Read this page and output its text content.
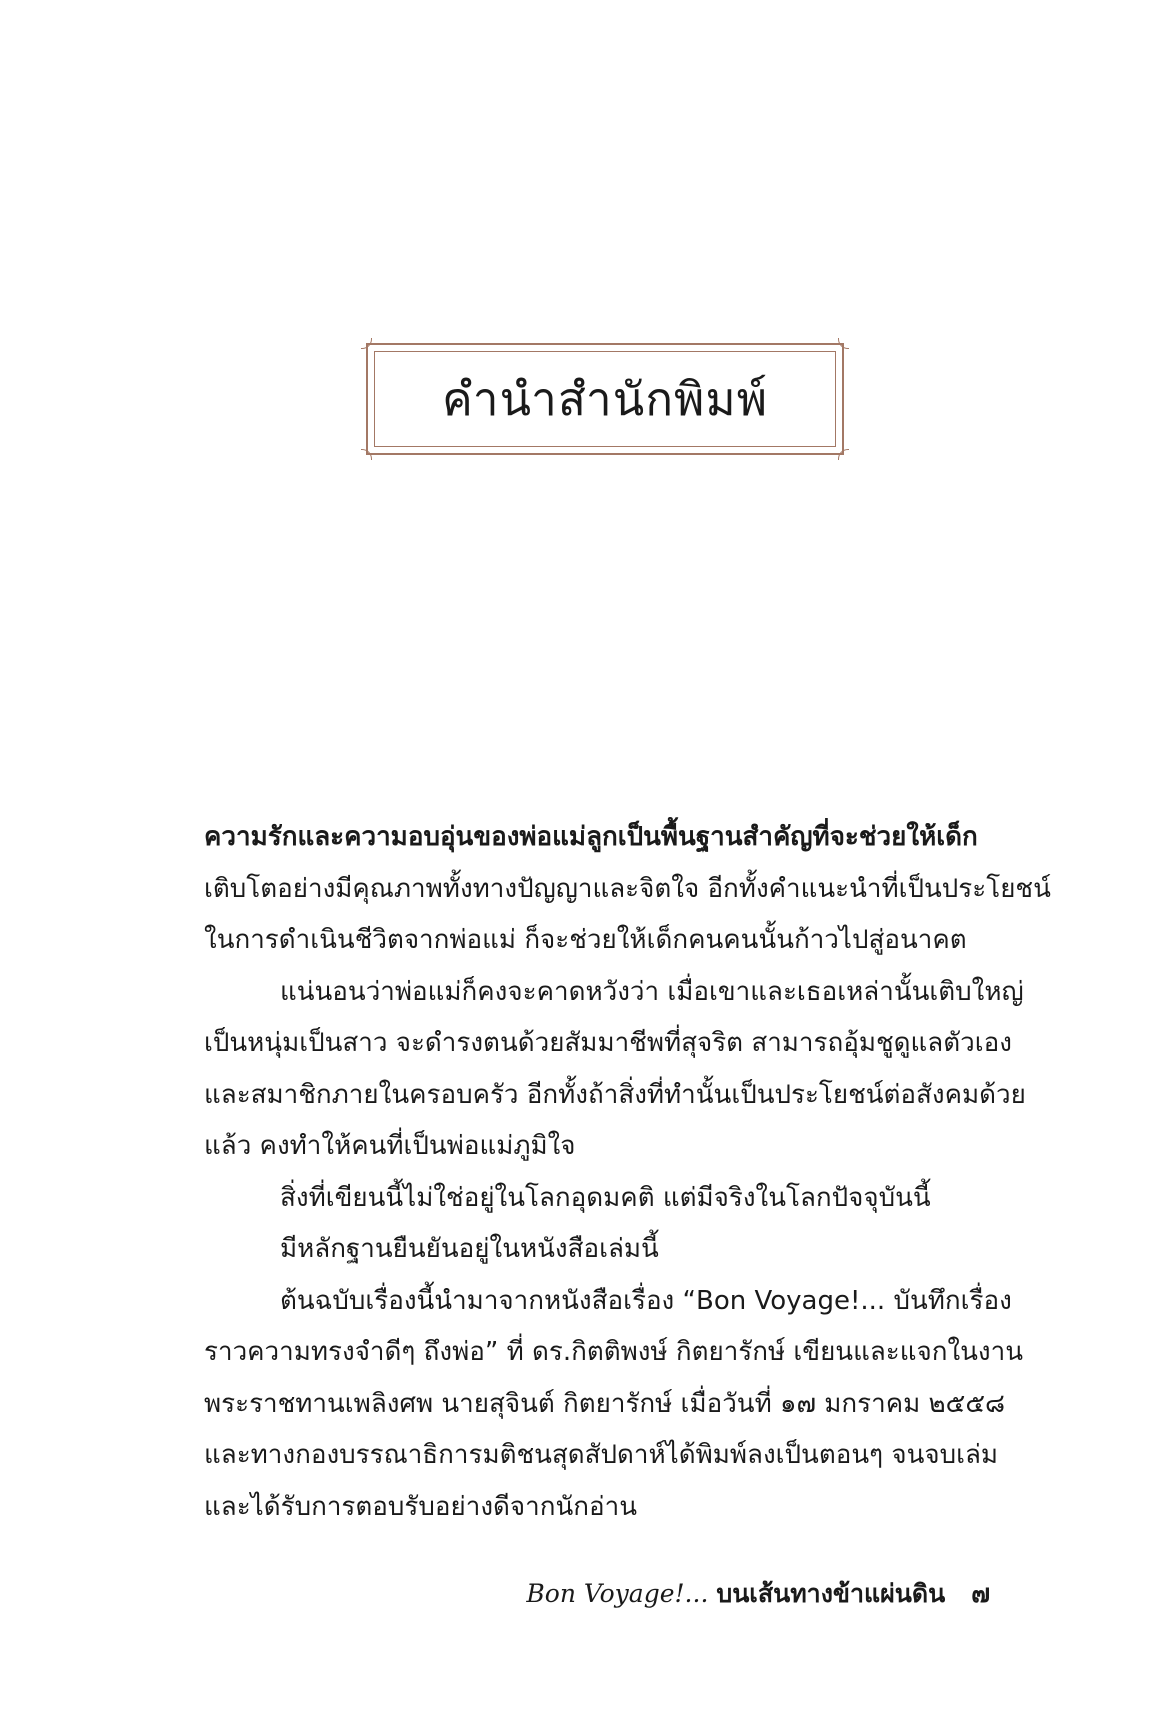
คำนำสำนักพิมพ์
ความรักและความอบอุ่นของพ่อแม่ลูกเป็นพื้นฐานสำคัญที่จะช่วยให้เด็ก
เติบโตอย่างมีคุณภาพทั้งทางปัญญาและจิตใจ อีกทั้งคำแนะนำที่เป็นประโยชน์
ในการดำเนินชีวิตจากพ่อแม่ ก็จะช่วยให้เด็กคนคนนั้นก้าวไปสู่อนาคต
แน่นอนว่าพ่อแม่ก็คงจะคาดหวังว่า เมื่อเขาและเธอเหล่านั้นเติบใหญ่
เป็นหนุ่มเป็นสาว จะดำรงตนด้วยสัมมาชีพที่สุจริต สามารถอุ้มชูดูแลตัวเอง
และสมาชิกภายในครอบครัว อีกทั้งถ้าสิ่งที่ทำนั้นเป็นประโยชน์ต่อสังคมด้วย
แล้ว คงทำให้คนที่เป็นพ่อแม่ภูมิใจ
สิ่งที่เขียนนี้ไม่ใช่อยู่ในโลกอุดมคติ แต่มีจริงในโลกปัจจุบันนี้
มีหลักฐานยืนยันอยู่ในหนังสือเล่มนี้
ต้นฉบับเรื่องนี้นำมาจากหนังสือเรื่อง “Bon Voyage!... บันทึกเรื่อง
ราวความทรงจำดีๆ ถึงพ่อ” ที่ ดร.กิตติพงษ์ กิตยารักษ์ เขียนและแจกในงาน
พระราชทานเพลิงศพ นายสุจินต์ กิตยารักษ์ เมื่อวันที่ ๑๗ มกราคม ๒๕๕๘
และทางกองบรรณาธิการมติชนสุดสัปดาห์ได้พิมพ์ลงเป็นตอนๆ จนจบเล่ม
และได้รับการตอบรับอย่างดีจากนักอ่าน
Bon Voyage!... บนเส้นทางข้าแผ่นดิน ๗
